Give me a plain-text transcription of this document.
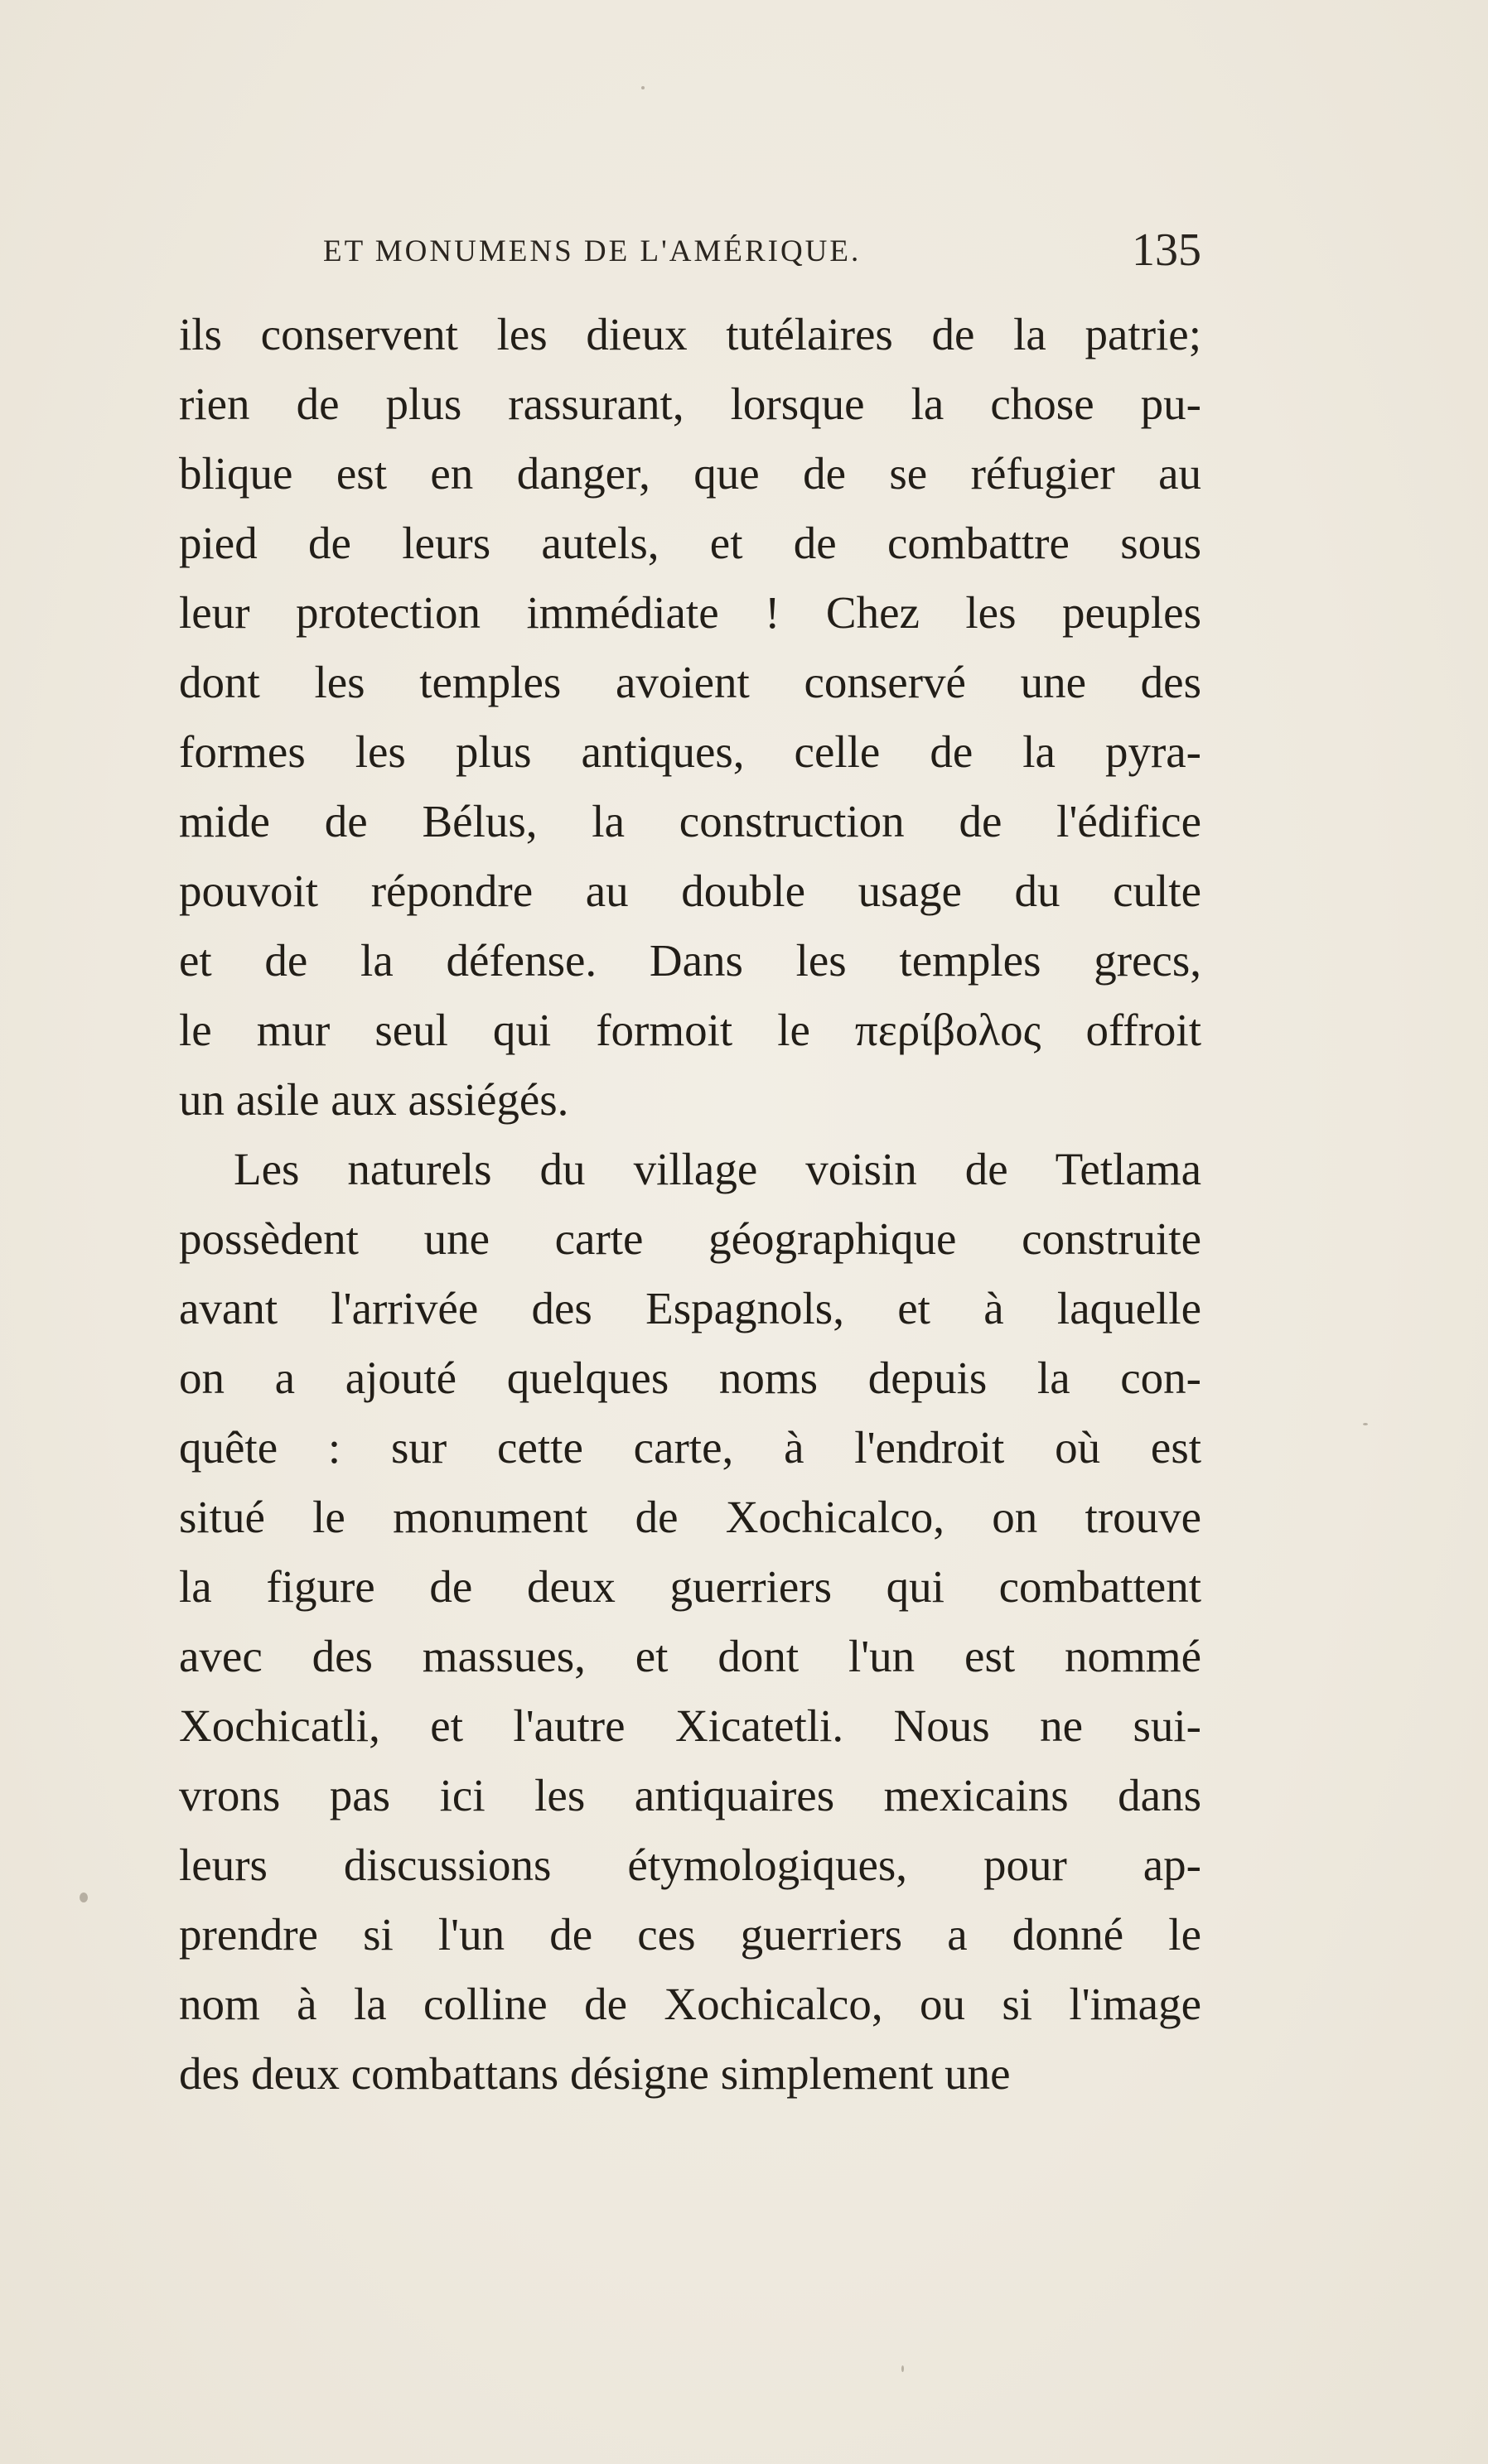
ET MONUMENS DE L'AMÉRIQUE.	135
ils conservent les dieux tutélaires de la patrie;
rien de plus rassurant, lorsque la chose pu-
blique est en danger, que de se réfugier au
pied de leurs autels, et de combattre sous
leur protection immédiate ! Chez les peuples
dont les temples avoient conservé une des
formes les plus antiques, celle de la pyra-
mide de Bélus, la construction de l'édifice
pouvoit répondre au double usage du culte
et de la défense. Dans les temples grecs,
le mur seul qui formoit le περίβολος offroit
un asile aux assiégés.
Les naturels du village voisin de Tetlama
possèdent une carte géographique construite
avant l'arrivée des Espagnols, et à laquelle
on a ajouté quelques noms depuis la con-
quête : sur cette carte, à l'endroit où est
situé le monument de Xochicalco, on trouve
la figure de deux guerriers qui combattent
avec des massues, et dont l'un est nommé
Xochicatli, et l'autre Xicatetli. Nous ne sui-
vrons pas ici les antiquaires mexicains dans
leurs discussions étymologiques, pour ap-
prendre si l'un de ces guerriers a donné le
nom à la colline de Xochicalco, ou si l'image
des deux combattans désigne simplement une
